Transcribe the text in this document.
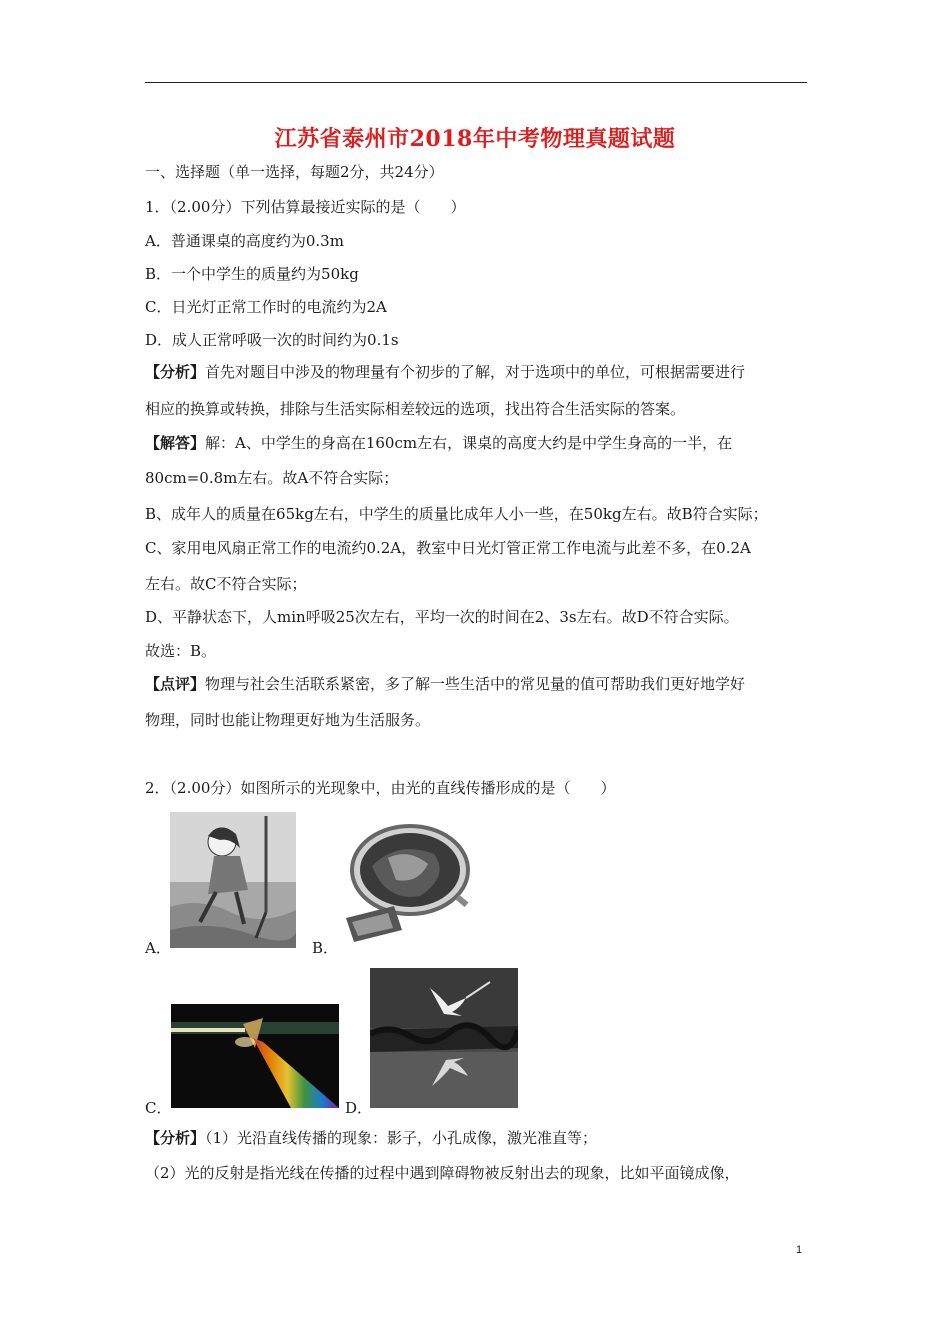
江苏省泰州市2018年中考物理真题试题
一、选择题（单一选择，每题2分，共24分）
1．（2.00分）下列估算最接近实际的是（　　）
A．普通课桌的高度约为0.3m
B．一个中学生的质量约为50kg
C．日光灯正常工作时的电流约为2A
D．成人正常呼吸一次的时间约为0.1s
【分析】首先对题目中涉及的物理量有个初步的了解，对于选项中的单位，可根据需要进行
相应的换算或转换，排除与生活实际相差较远的选项，找出符合生活实际的答案。
【解答】解：A、中学生的身高在160cm左右，课桌的高度大约是中学生身高的一半，在
80cm=0.8m左右。故A不符合实际；
B、成年人的质量在65kg左右，中学生的质量比成年人小一些，在50kg左右。故B符合实际；
C、家用电风扇正常工作的电流约0.2A，教室中日光灯管正常工作电流与此差不多，在0.2A
左右。故C不符合实际；
D、平静状态下，人min呼吸25次左右，平均一次的时间在2、3s左右。故D不符合实际。
故选：B。
【点评】物理与社会生活联系紧密，多了解一些生活中的常见量的值可帮助我们更好地学好
物理，同时也能让物理更好地为生活服务。
2．（2.00分）如图所示的光现象中，由光的直线传播形成的是（　　）
A．	B．
C．	D．
【分析】（1）光沿直线传播的现象：影子，小孔成像，激光准直等；
（2）光的反射是指光线在传播的过程中遇到障碍物被反射出去的现象，比如平面镜成像，
1
